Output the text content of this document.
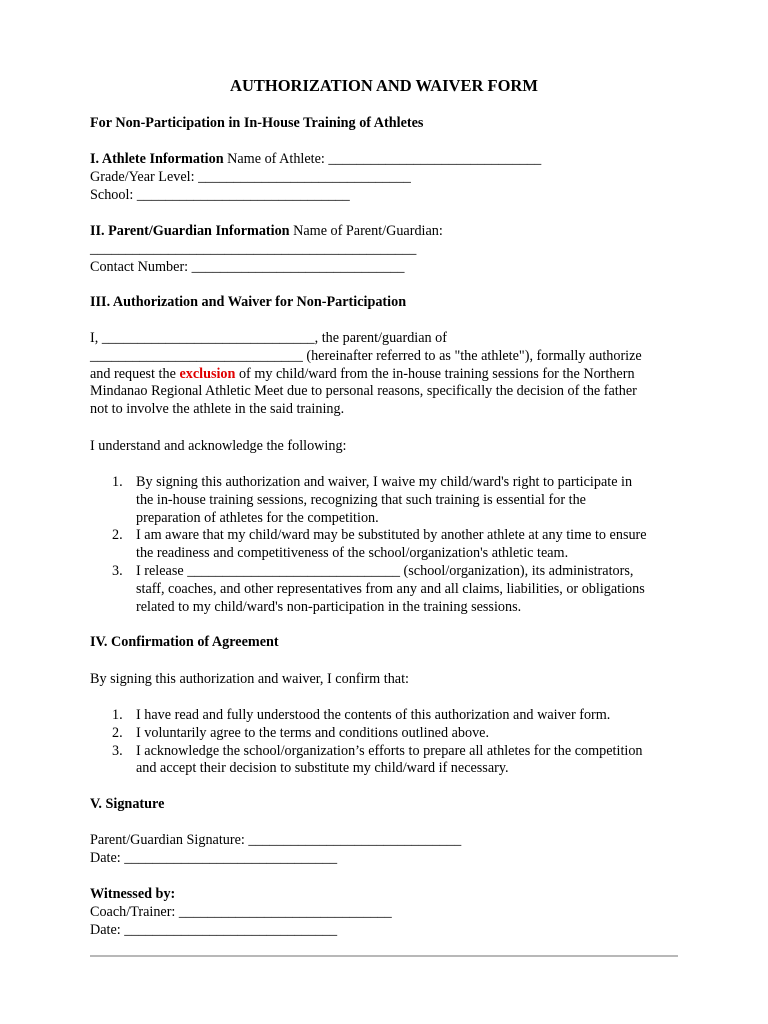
AUTHORIZATION AND WAIVER FORM
For Non-Participation in In-House Training of Athletes
I. Athlete Information Name of Athlete: ______________________________
Grade/Year Level: ______________________________
School: ______________________________
II. Parent/Guardian Information Name of Parent/Guardian:
______________________________________________
Contact Number: ______________________________
III. Authorization and Waiver for Non-Participation
I, ______________________________, the parent/guardian of
______________________________ (hereinafter referred to as "the athlete"), formally authorize
and request the exclusion of my child/ward from the in-house training sessions for the Northern
Mindanao Regional Athletic Meet due to personal reasons, specifically the decision of the father
not to involve the athlete in the said training.
I understand and acknowledge the following:
1. By signing this authorization and waiver, I waive my child/ward's right to participate in
the in-house training sessions, recognizing that such training is essential for the
preparation of athletes for the competition.
2. I am aware that my child/ward may be substituted by another athlete at any time to ensure
the readiness and competitiveness of the school/organization's athletic team.
3. I release ______________________________ (school/organization), its administrators,
staff, coaches, and other representatives from any and all claims, liabilities, or obligations
related to my child/ward's non-participation in the training sessions.
IV. Confirmation of Agreement
By signing this authorization and waiver, I confirm that:
1. I have read and fully understood the contents of this authorization and waiver form.
2. I voluntarily agree to the terms and conditions outlined above.
3. I acknowledge the school/organization’s efforts to prepare all athletes for the competition
and accept their decision to substitute my child/ward if necessary.
V. Signature
Parent/Guardian Signature: ______________________________
Date: ______________________________
Witnessed by:
Coach/Trainer: ______________________________
Date: ______________________________
